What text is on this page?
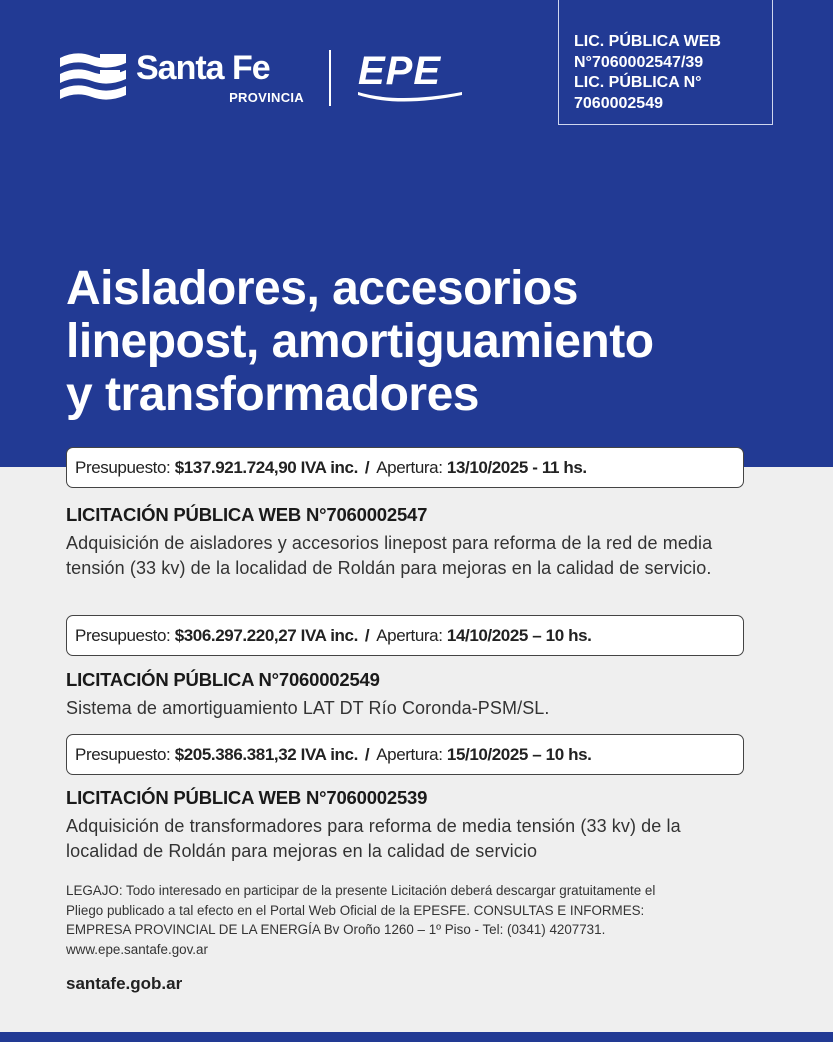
Santa Fe
PROVINCIA
EPE
LIC. PÚBLICA WEB
N°7060002547/39
LIC. PÚBLICA N°
7060002549
Aisladores, accesorios
linepost, amortiguamiento
y transformadores
Presupuesto:
$137.921.724,90 IVA inc. / Apertura:
13/10/2025 - 11 hs.
LICITACIÓN PÚBLICA WEB N°7060002547
Adquisición de aisladores y accesorios linepost para reforma de la red de media tensión (33 kv) de la localidad de Roldán para mejoras en la calidad de servicio.
Presupuesto:
$306.297.220,27 IVA inc. / Apertura:
14/10/2025 – 10 hs.
LICITACIÓN PÚBLICA N°7060002549
Sistema de amortiguamiento LAT DT Río Coronda-PSM/SL.
Presupuesto:
$205.386.381,32 IVA inc. / Apertura:
15/10/2025 – 10 hs.
LICITACIÓN PÚBLICA WEB N°7060002539
Adquisición de transformadores para reforma de media tensión (33 kv) de la localidad de Roldán para mejoras en la calidad de servicio
LEGAJO: Todo interesado en participar de la presente Licitación deberá descargar gratuitamente el
Pliego publicado a tal efecto en el Portal Web Oficial de la EPESFE. CONSULTAS E INFORMES:
EMPRESA PROVINCIAL DE LA ENERGÍA Bv Oroño 1260 – 1º Piso - Tel: (0341) 4207731.
www.epe.santafe.gov.ar
santafe.gob.ar
